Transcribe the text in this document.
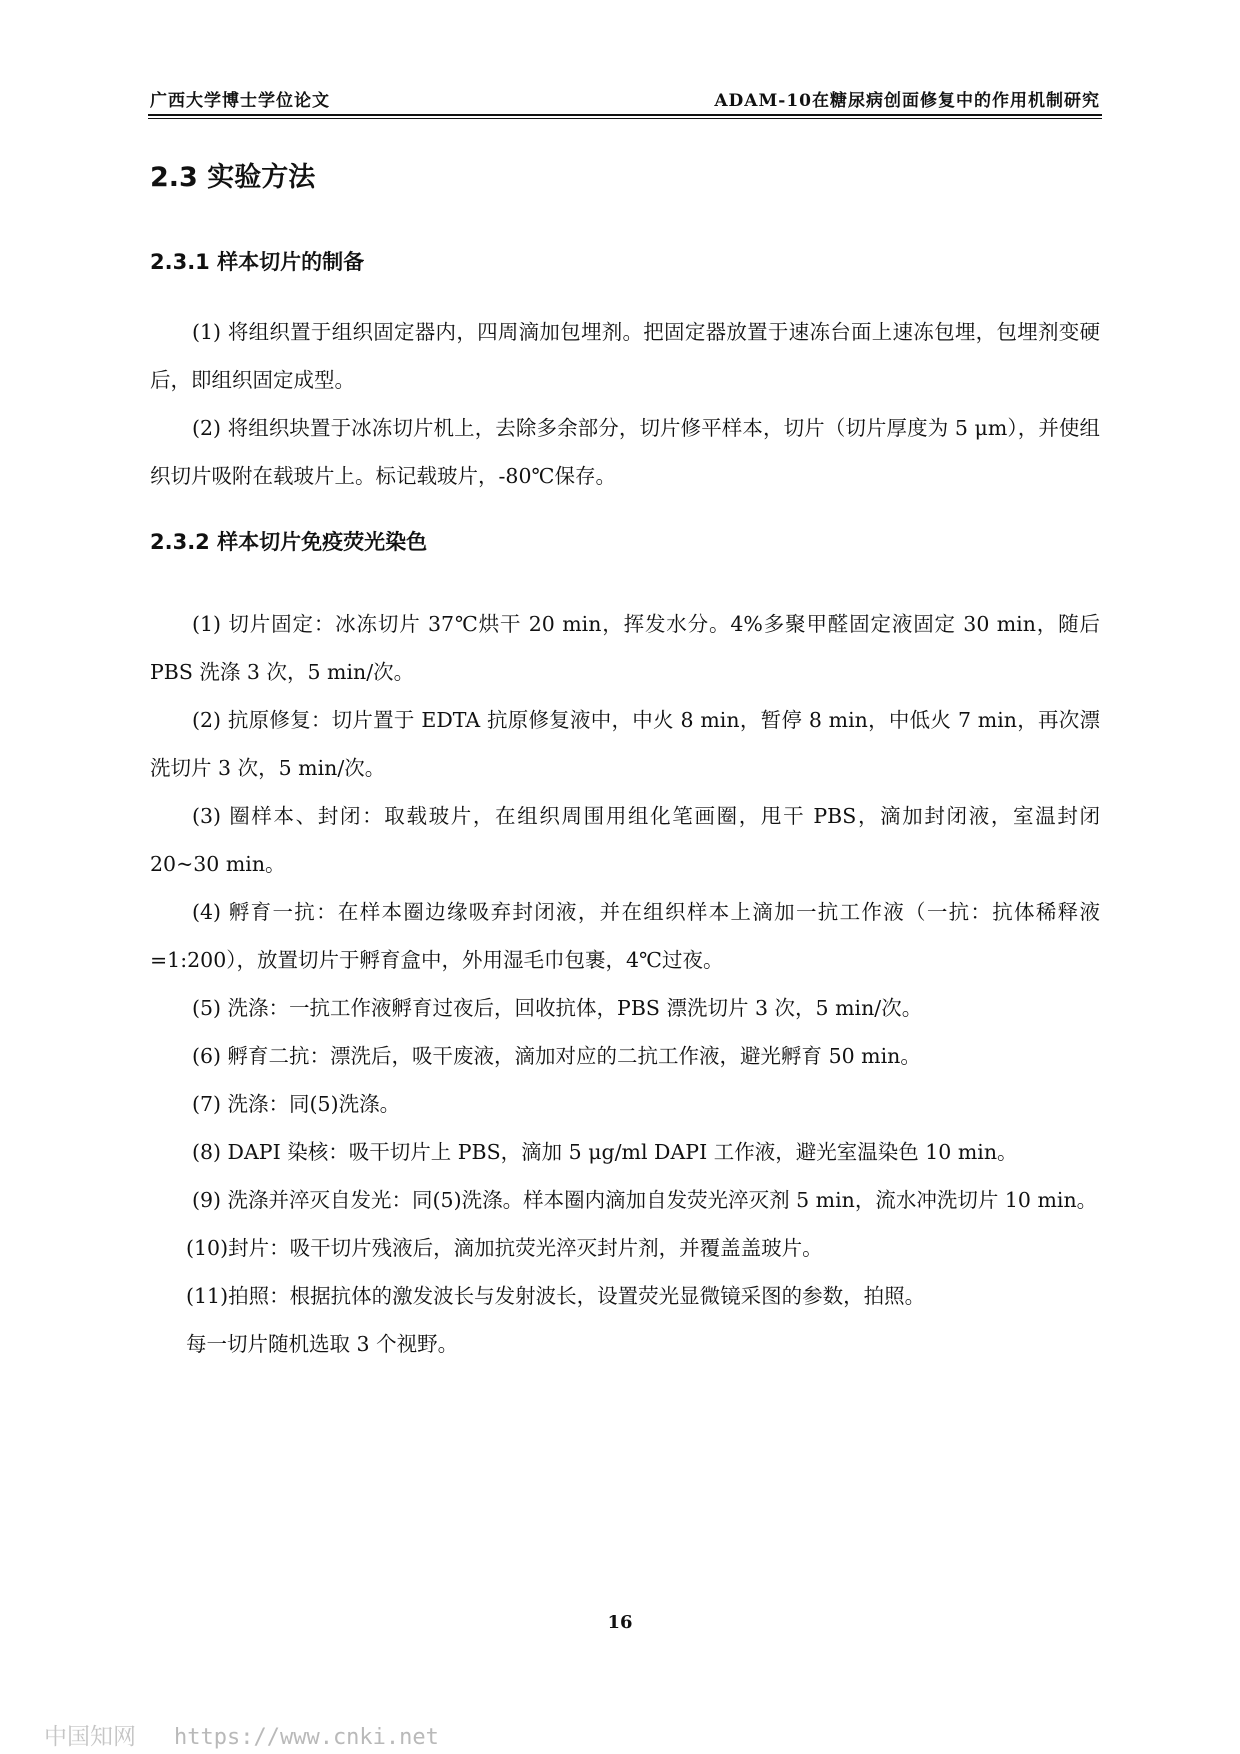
广西大学博士学位论文	ADAM-10在糖尿病创面修复中的作用机制研究
2.3 实验方法
2.3.1 样本切片的制备

(1) 将组织置于组织固定器内，四周滴加包埋剂。把固定器放置于速冻台面上速冻包埋，包埋剂变硬后，即组织固定成型。

(2) 将组织块置于冰冻切片机上，去除多余部分，切片修平样本，切片（切片厚度为 5 μm），并使组织切片吸附在载玻片上。标记载玻片，-80℃保存。

2.3.2 样本切片免疫荧光染色

(1) 切片固定：冰冻切片 37℃烘干 20 min，挥发水分。4%多聚甲醛固定液固定 30 min，随后 PBS 洗涤 3 次，5 min/次。

(2) 抗原修复：切片置于 EDTA 抗原修复液中，中火 8 min，暂停 8 min，中低火 7 min，再次漂洗切片 3 次，5 min/次。

(3) 圈样本、封闭：取载玻片，在组织周围用组化笔画圈，甩干 PBS，滴加封闭液，室温封闭 20~30 min。

(4) 孵育一抗：在样本圈边缘吸弃封闭液，并在组织样本上滴加一抗工作液（一抗：抗体稀释液=1:200），放置切片于孵育盒中，外用湿毛巾包裹，4℃过夜。

(5) 洗涤：一抗工作液孵育过夜后，回收抗体，PBS 漂洗切片 3 次，5 min/次。

(6) 孵育二抗：漂洗后，吸干废液，滴加对应的二抗工作液，避光孵育 50 min。

(7) 洗涤：同(5)洗涤。

(8) DAPI 染核：吸干切片上 PBS，滴加 5 μg/ml DAPI 工作液，避光室温染色 10 min。

(9) 洗涤并淬灭自发光：同(5)洗涤。样本圈内滴加自发荧光淬灭剂 5 min，流水冲洗切片 10 min。

(10)封片：吸干切片残液后，滴加抗荧光淬灭封片剂，并覆盖盖玻片。

(11)拍照：根据抗体的激发波长与发射波长，设置荧光显微镜采图的参数，拍照。

每一切片随机选取 3 个视野。

16
中国知网 https://www.cnki.net
